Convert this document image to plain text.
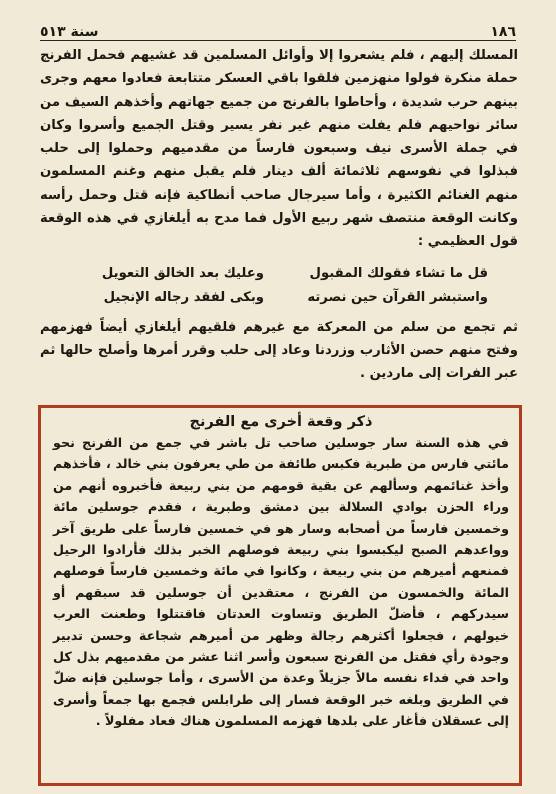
١٨٦
سنة ٥١٣

المسلك إليهم ، فلم يشعروا إلا وأوائل المسلمين قد غشيهم فحمل الفرنج حملة منكرة فولوا منهزمين فلقوا باقي العسكر متتابعة فعادوا معهم وجرى بينهم حرب شديدة ، وأحاطوا بالفرنج من جميع جهاتهم وأخذهم السيف من سائر نواحيهم فلم يفلت منهم غير نفر يسير وقتل الجميع وأسروا وكان في جملة الأسرى نيف وسبعون فارساً من مقدميهم وحملوا إلى حلب فبذلوا في نفوسهم ثلاثمائة ألف دينار فلم يقبل منهم وغنم المسلمون منهم الغنائم الكثيرة ، وأما سيرجال صاحب أنطاكية فإنه قتل وحمل رأسه وكانت الوقعة منتصف شهر ربيع الأول فما مدح به أيلغازي في هذه الوقعة قول العظيمي :

قل ما تشاء فقولك المقبول
وعليك بعد الخالق التعويل
واستبشر القرآن حين نصرته
وبكى لفقد رجاله الإنجيل

ثم تجمع من سلم من المعركة مع غيرهم فلقيهم أيلغازي أيضاً فهزمهم وفتح منهم حصن الأثارب وزردنا وعاد إلى حلب وقرر أمرها وأصلح حالها ثم عبر الفرات إلى ماردين .

ذكر وقعة أخرى مع الفرنج

في هذه السنة سار جوسلين صاحب تل باشر في جمع من الفرنج نحو مائتي فارس من طبرية فكبس طائفة من طي يعرفون بني خالد ، فأخذهم وأخذ غنائمهم وسألهم عن بقية قومهم من بني ربيعة فأخبروه أنهم من وراء الحزن بوادي السلالة بين دمشق وطبرية ، فقدم جوسلين مائة وخمسين فارساً من أصحابه وسار هو في خمسين فارساً على طريق آخر وواعدهم الصبح ليكبسوا بني ربيعة فوصلهم الخبر بذلك فأرادوا الرحيل فمنعهم أميرهم من بني ربيعة ، وكانوا في مائة وخمسين فارساً فوصلهم المائة والخمسون من الفرنج ، معتقدين أن جوسلين قد سبقهم أو سيدركهم ، فأضلّ الطريق وتساوت العدتان فاقتتلوا وطعنت العرب خيولهم ، فجعلوا أكثرهم رجالة وظهر من أميرهم شجاعة وحسن تدبير وجودة رأي فقتل من الفرنج سبعون وأسر اثنا عشر من مقدميهم بذل كل واحد في فداء نفسه مالاً جزيلاً وعدة من الأسرى ، وأما جوسلين فإنه ضلّ في الطريق وبلغه خبر الوقعة فسار إلى طرابلس فجمع بها جمعاً وأسرى إلى عسقلان فأغار على بلدها فهزمه المسلمون هناك فعاد مفلولاً .
